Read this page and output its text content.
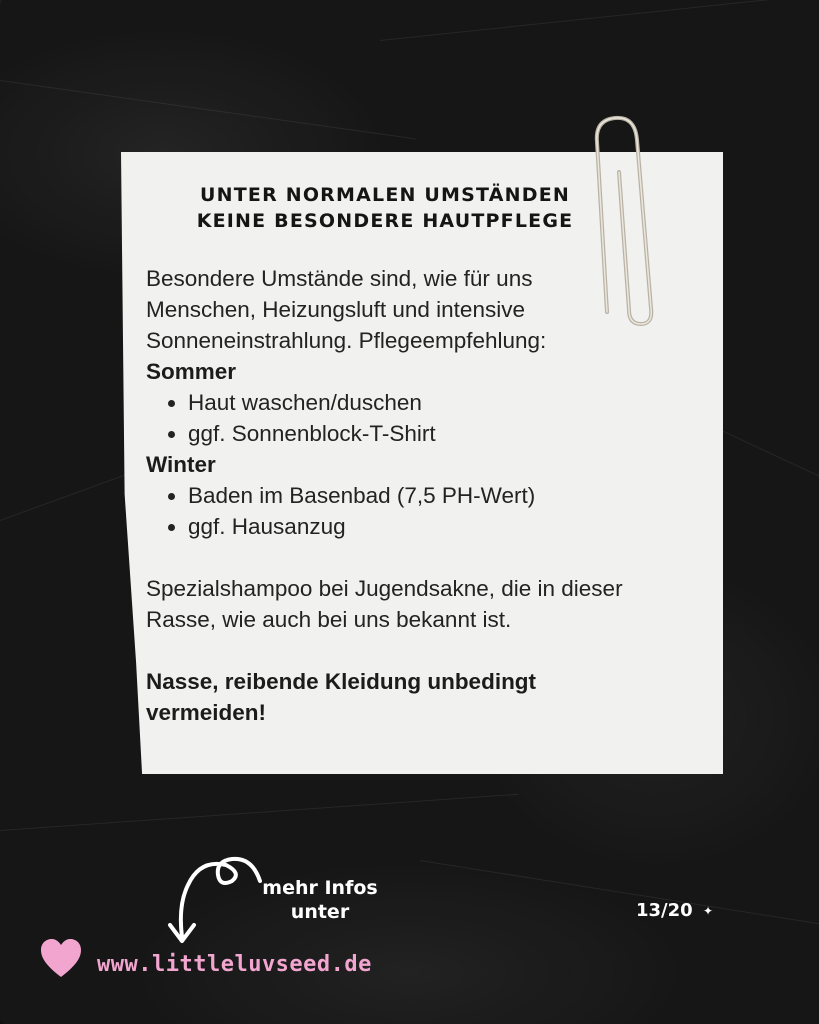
UNTER NORMALEN UMSTÄNDEN
KEINE BESONDERE HAUTPFLEGE

Besondere Umstände sind, wie für uns Menschen, Heizungsluft und intensive Sonneneinstrahlung. Pflegeempfehlung:

Sommer

• Haut waschen/duschen
• ggf. Sonnenblock-T-Shirt

Winter

• Baden im Basenbad (7,5 PH-Wert)
• ggf. Hausanzug

Spezialshampoo bei Jugendsakne, die in dieser Rasse, wie auch bei uns bekannt ist.

Nasse, reibende Kleidung unbedingt vermeiden!

mehr Infos
unter
www.littleluvseed.de
13/20 ✦
